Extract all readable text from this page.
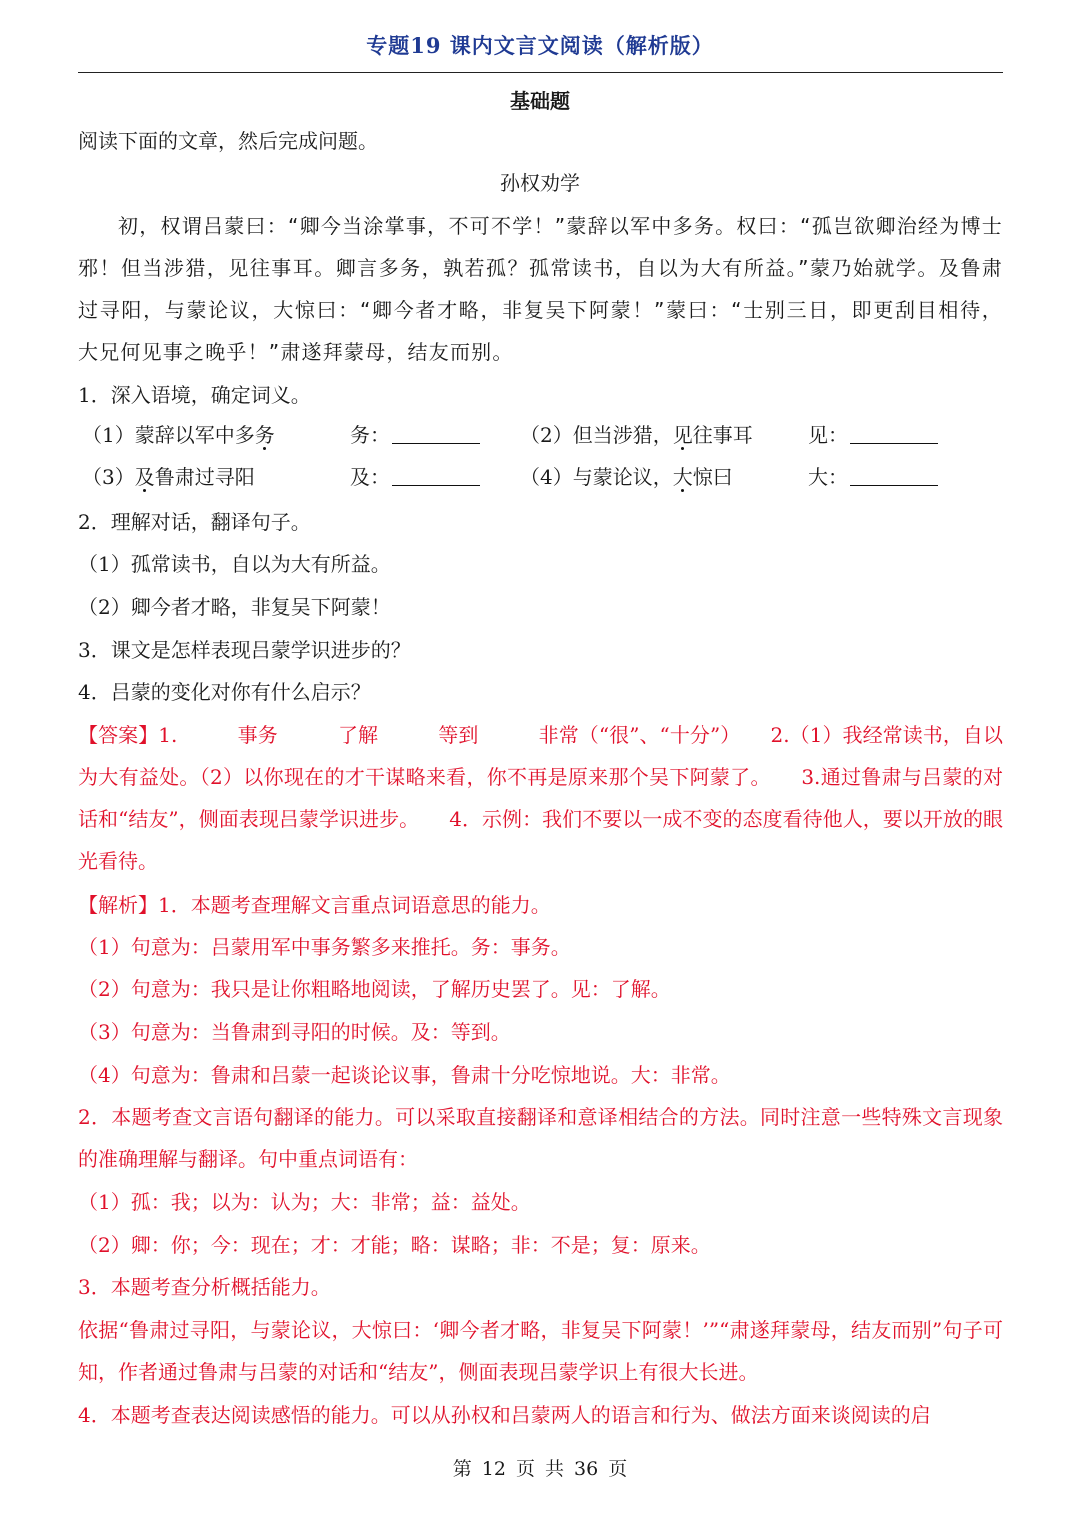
专题19 课内文言文阅读（解析版）
基础题
阅读下面的文章，然后完成问题。
孙权劝学
初，权谓吕蒙曰：“卿今当涂掌事，不可不学！”蒙辞以军中多务。权曰：“孤岂欲卿治经为博士邪！但当涉猎，见往事耳。卿言多务，孰若孤？孤常读书，自以为大有所益。”蒙乃始就学。及鲁肃过寻阳，与蒙论议，大惊曰：“卿今者才略，非复吴下阿蒙！”蒙曰：“士别三日，即更刮目相待，大兄何见事之晚乎！”肃遂拜蒙母，结友而别。
1．深入语境，确定词义。
（1）蒙辞以军中多务	务：	（2）但当涉猎，见往事耳	见：
（3）及鲁肃过寻阳	及：	（4）与蒙论议，大惊曰	大：
2．理解对话，翻译句子。
（1）孤常读书，自以为大有所益。
（2）卿今者才略，非复吴下阿蒙！
3．课文是怎样表现吕蒙学识进步的？
4．吕蒙的变化对你有什么启示？
【答案】1.　　　事务　　　了解　　　等到　　　非常（“很”、“十分”）　　2.（1）我经常读书，自以为大有益处。（2）以你现在的才干谋略来看，你不再是原来那个吴下阿蒙了。　　3.通过鲁肃与吕蒙的对话和“结友”，侧面表现吕蒙学识进步。　　4．示例：我们不要以一成不变的态度看待他人，要以开放的眼光看待。
【解析】1．本题考查理解文言重点词语意思的能力。
（1）句意为：吕蒙用军中事务繁多来推托。务：事务。
（2）句意为：我只是让你粗略地阅读，了解历史罢了。见：了解。
（3）句意为：当鲁肃到寻阳的时候。及：等到。
（4）句意为：鲁肃和吕蒙一起谈论议事，鲁肃十分吃惊地说。大：非常。
2．本题考查文言语句翻译的能力。可以采取直接翻译和意译相结合的方法。同时注意一些特殊文言现象的准确理解与翻译。句中重点词语有：
（1）孤：我；以为：认为；大：非常；益：益处。
（2）卿：你；今：现在；才：才能；略：谋略；非：不是；复：原来。
3．本题考查分析概括能力。
依据“鲁肃过寻阳，与蒙论议，大惊曰：‘卿今者才略，非复吴下阿蒙！’”“肃遂拜蒙母，结友而别”句子可知，作者通过鲁肃与吕蒙的对话和“结友”，侧面表现吕蒙学识上有很大长进。
4．本题考查表达阅读感悟的能力。可以从孙权和吕蒙两人的语言和行为、做法方面来谈阅读的启
第 12 页 共 36 页
